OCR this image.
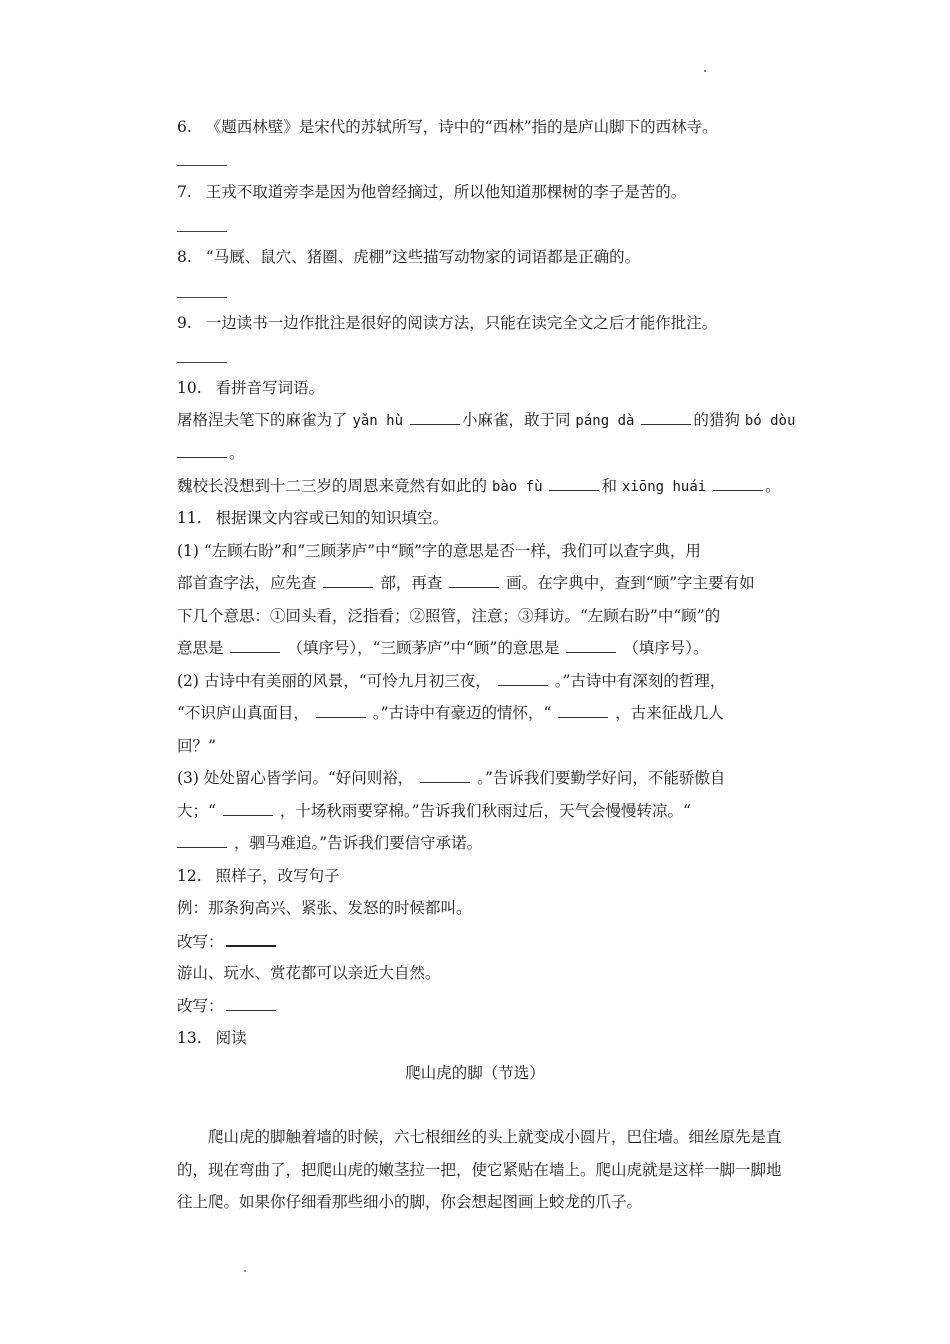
6. 《题西林壁》是宋代的苏轼所写，诗中的“西林”指的是庐山脚下的西林寺。
7. 王戎不取道旁李是因为他曾经摘过，所以他知道那棵树的李子是苦的。
8. “马厩、鼠穴、猪圈、虎棚”这些描写动物家的词语都是正确的。
9. 一边读书一边作批注是很好的阅读方法，只能在读完全文之后才能作批注。
10. 看拼音写词语。
屠格涅夫笔下的麻雀为了 yǎn hù	小麻雀，敢于同 páng dà	的猎狗 bó dòu
。
魏校长没想到十二三岁的周恩来竟然有如此的 bào fù	和 xiōng huái	。
11. 根据课文内容或已知的知识填空。
(1) “左顾右盼”和“三顾茅庐”中“顾”字的意思是否一样，我们可以查字典，用
部首查字法，应先查	部，再查	画。在字典中，查到“顾”字主要有如
下几个意思：①回头看，泛指看；②照管，注意；③拜访。“左顾右盼”中“顾”的
意思是	（填序号），“三顾茅庐”中“顾”的意思是	（填序号）。
(2) 古诗中有美丽的风景，“可怜九月初三夜，	。”古诗中有深刻的哲理，
“不识庐山真面目，	。”古诗中有豪迈的情怀，“	，古来征战几人
回？”
(3) 处处留心皆学问。“好问则裕，	。”告诉我们要勤学好问，不能骄傲自
大；“	，十场秋雨要穿棉。”告诉我们秋雨过后，天气会慢慢转凉。“
，驷马难追。”告诉我们要信守承诺。
12. 照样子，改写句子
例：那条狗高兴、紧张、发怒的时候都叫。
改写：
游山、玩水、赏花都可以亲近大自然。
改写：
13. 阅读
爬山虎的脚（节选）
爬山虎的脚触着墙的时候，六七根细丝的头上就变成小圆片，巴住墙。细丝原先是直
的，现在弯曲了，把爬山虎的嫩茎拉一把，使它紧贴在墙上。爬山虎就是这样一脚一脚地
往上爬。如果你仔细看那些细小的脚，你会想起图画上蛟龙的爪子。
